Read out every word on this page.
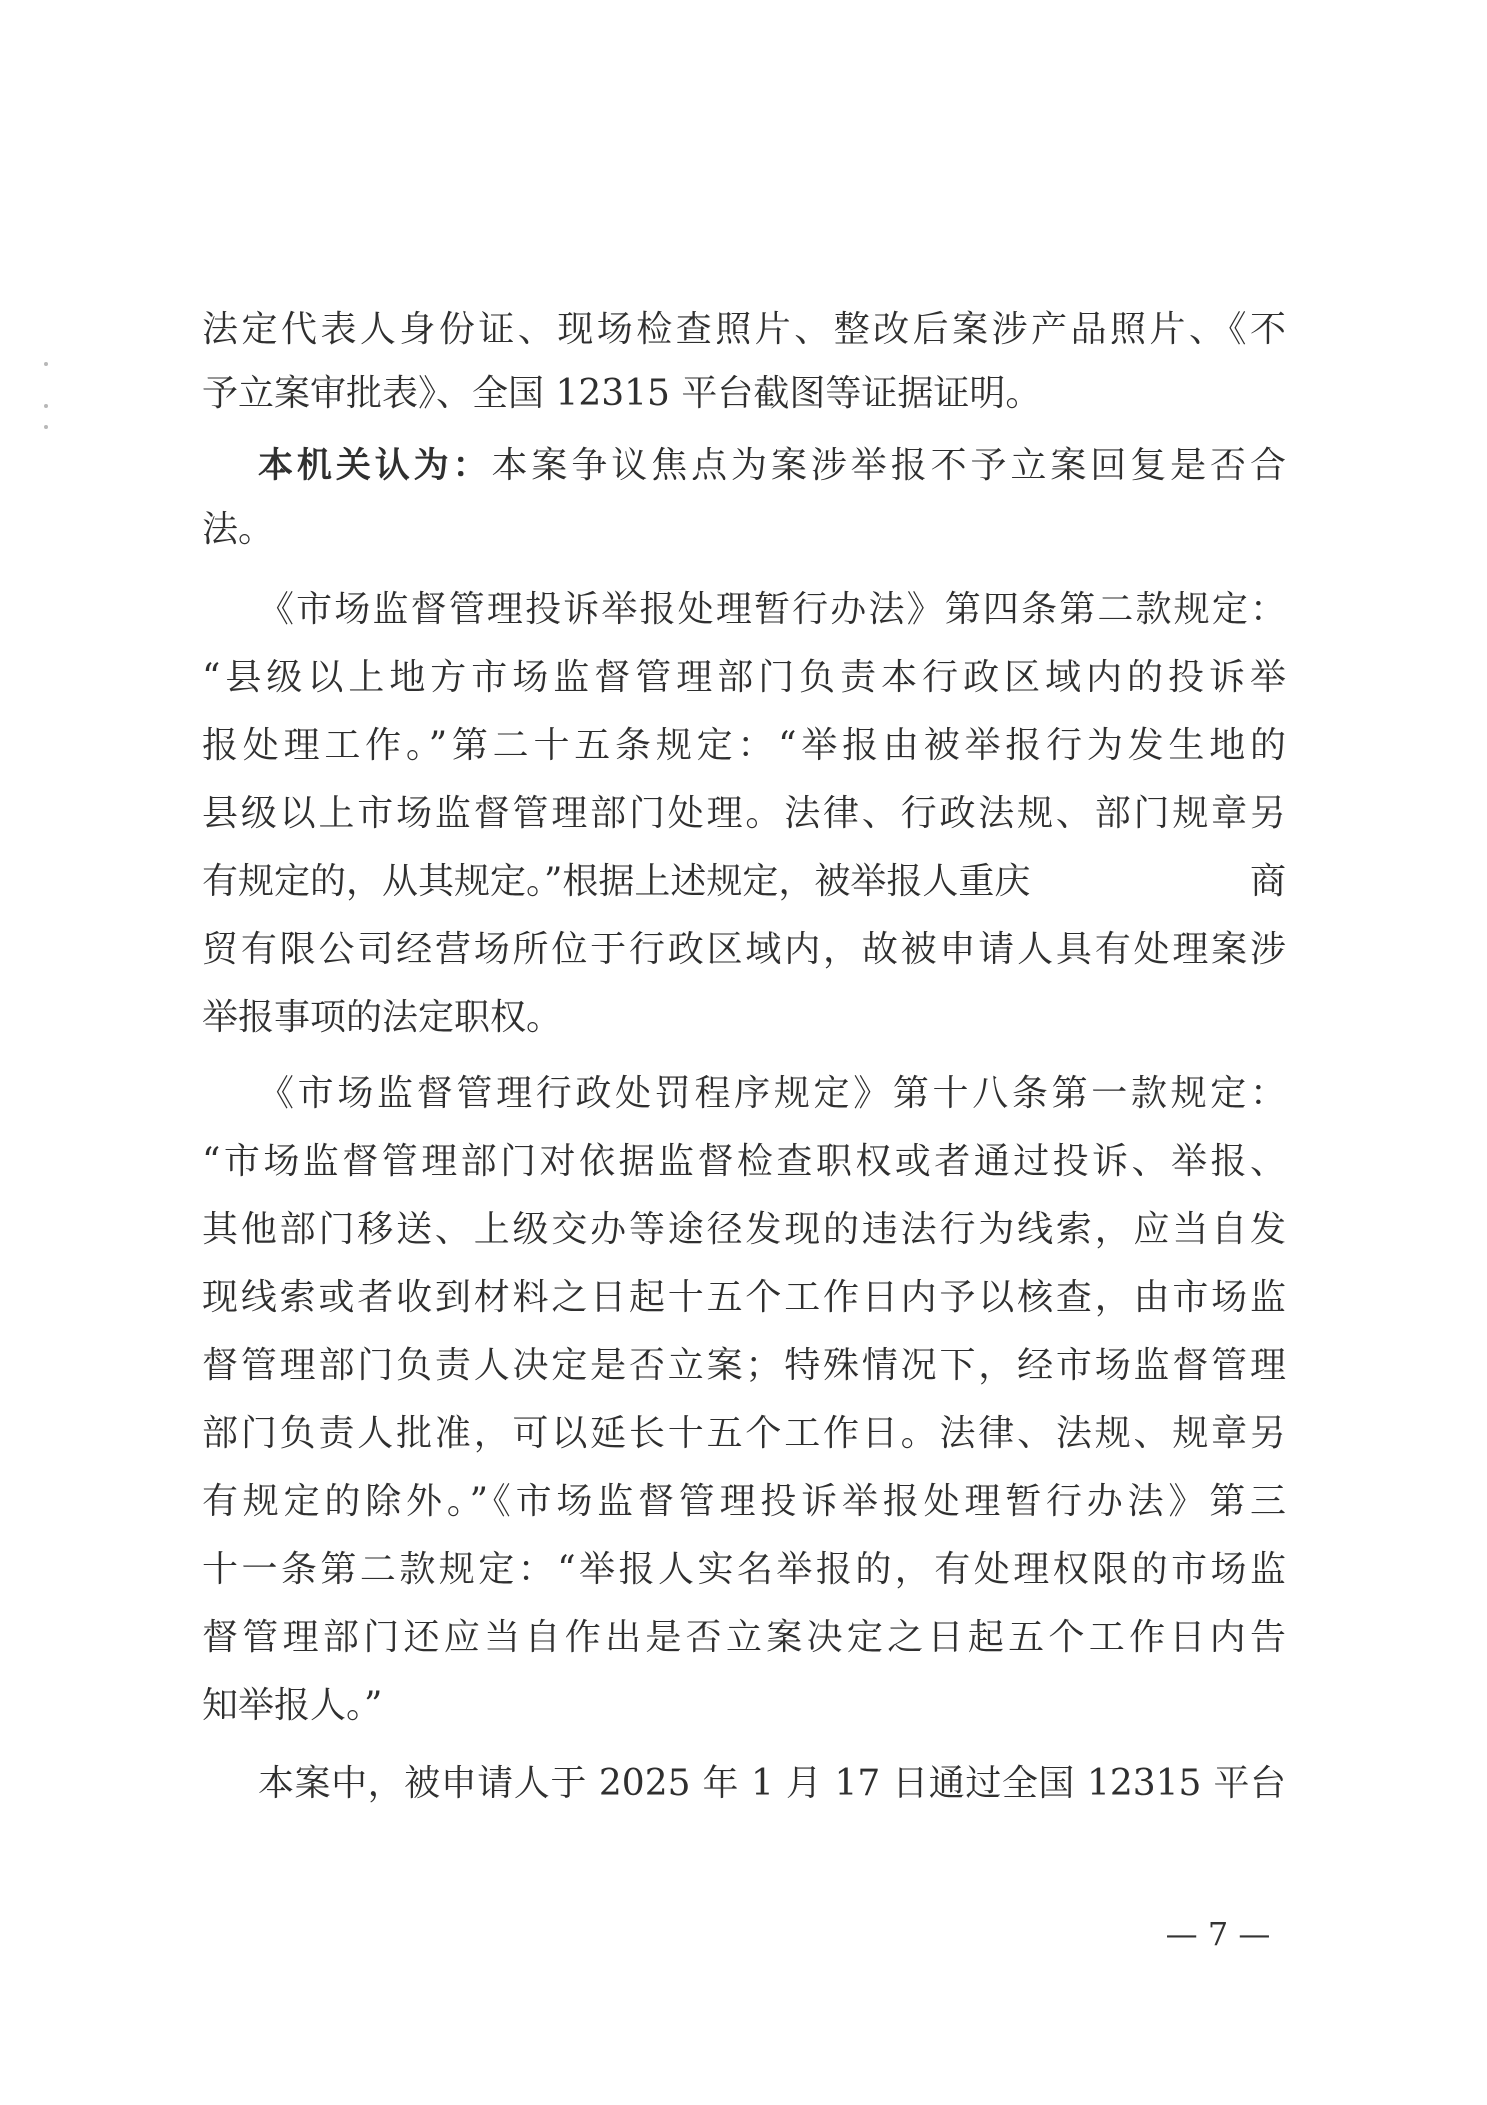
法定代表人身份证、现场检查照片、整改后案涉产品照片、《不
予立案审批表》、全国 12315 平台截图等证据证明。
本机关认为：本案争议焦点为案涉举报不予立案回复是否合
法。
《市场监督管理投诉举报处理暂行办法》第四条第二款规定：
“县级以上地方市场监督管理部门负责本行政区域内的投诉举
报处理工作。”第二十五条规定：“举报由被举报行为发生地的
县级以上市场监督管理部门处理。法律、行政法规、部门规章另
有规定的，从其规定。”根据上述规定，被举报人重庆	商
贸有限公司经营场所位于行政区域内，故被申请人具有处理案涉
举报事项的法定职权。
《市场监督管理行政处罚程序规定》第十八条第一款规定：
“市场监督管理部门对依据监督检查职权或者通过投诉、举报、
其他部门移送、上级交办等途径发现的违法行为线索，应当自发
现线索或者收到材料之日起十五个工作日内予以核查，由市场监
督管理部门负责人决定是否立案；特殊情况下，经市场监督管理
部门负责人批准，可以延长十五个工作日。法律、法规、规章另
有规定的除外。”《市场监督管理投诉举报处理暂行办法》第三
十一条第二款规定：“举报人实名举报的，有处理权限的市场监
督管理部门还应当自作出是否立案决定之日起五个工作日内告
知举报人。”
本案中，被申请人于 2025 年 1 月 17 日通过全国 12315 平台
— 7 —
